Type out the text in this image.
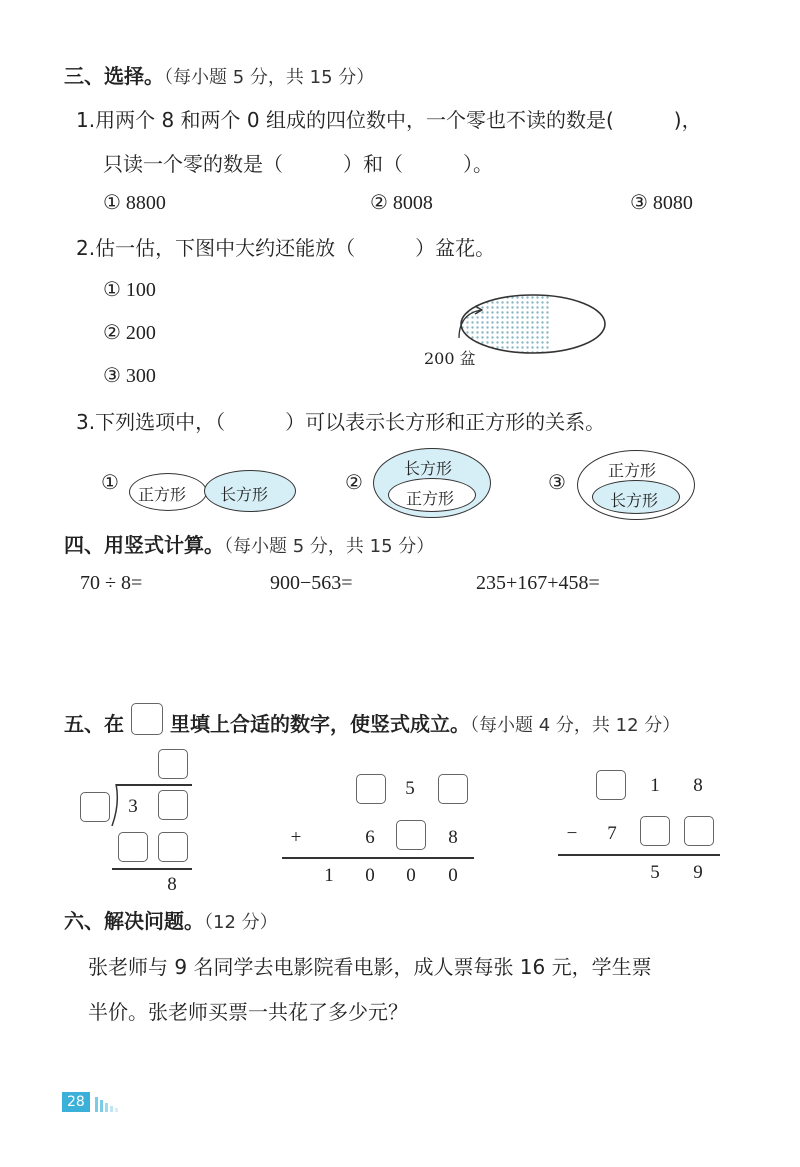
三、选择。（每小题 5 分，共 15 分）
1.用两个 8 和两个 0 组成的四位数中，一个零也不读的数是(　　　)，
只读一个零的数是（　　　）和（　　　）。
① 8800	② 8008	③ 8080
2.估一估，下图中大约还能放（　　　）盆花。
① 100
② 200
③ 300
200 盆
3.下列选项中，（　　　）可以表示长方形和正方形的关系。
①
正方形 长方形
②
长方形
正方形
③	正方形
长方形
四、用竖式计算。（每小题 5 分，共 15 分）
70 ÷ 8=	900−563=	235+167+458=
五、在 里填上合适的数字，使竖式成立。（每小题 4 分，共 12 分）
3
8
5
+	6	8
1 0 0 0
1 8
− 7
5 9
六、解决问题。（12 分）
张老师与 9 名同学去电影院看电影，成人票每张 16 元，学生票
半价。张老师买票一共花了多少元？
28
